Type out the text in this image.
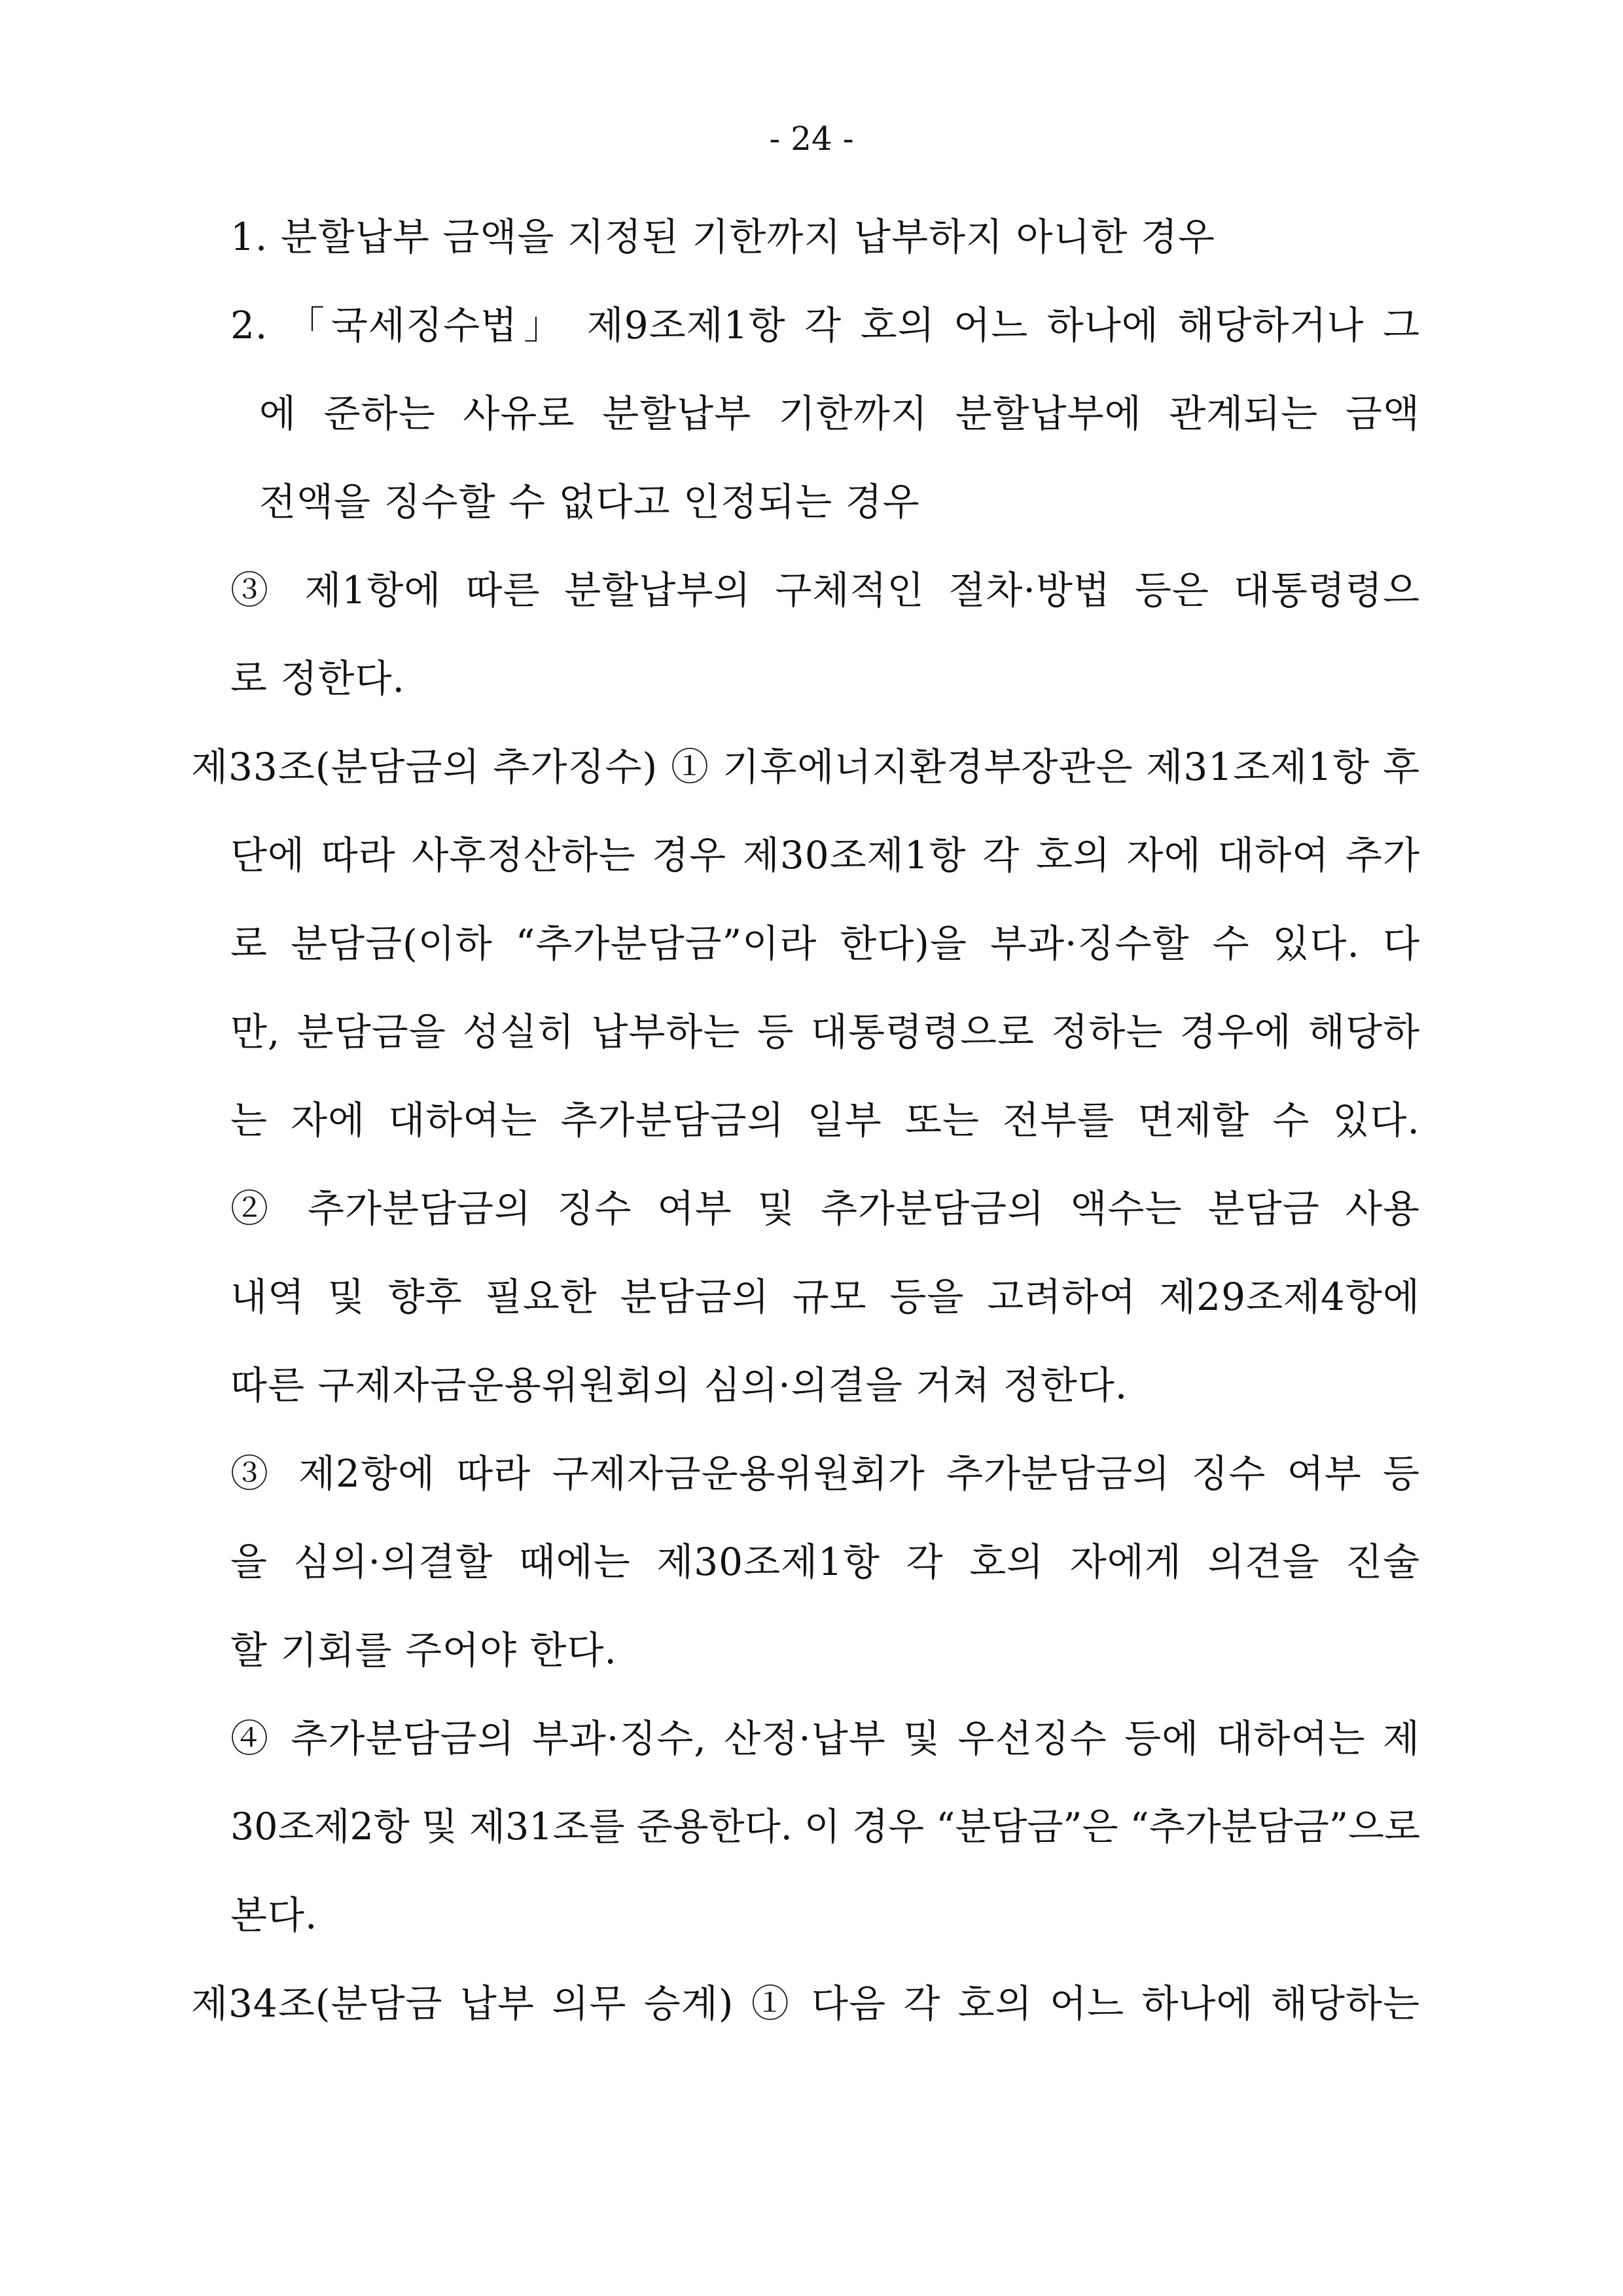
- 24 -
1. 분할납부 금액을 지정된 기한까지 납부하지 아니한 경우
2. 「국세징수법」 제9조제1항 각 호의 어느 하나에 해당하거나 그
에 준하는 사유로 분할납부 기한까지 분할납부에 관계되는 금액
전액을 징수할 수 없다고 인정되는 경우
③ 제1항에 따른 분할납부의 구체적인 절차·방법 등은 대통령령으
로 정한다.
제33조(분담금의 추가징수) ① 기후에너지환경부장관은 제31조제1항 후
단에 따라 사후정산하는 경우 제30조제1항 각 호의 자에 대하여 추가
로 분담금(이하 “추가분담금”이라 한다)을 부과·징수할 수 있다. 다
만, 분담금을 성실히 납부하는 등 대통령령으로 정하는 경우에 해당하
는 자에 대하여는 추가분담금의 일부 또는 전부를 면제할 수 있다.
② 추가분담금의 징수 여부 및 추가분담금의 액수는 분담금 사용
내역 및 향후 필요한 분담금의 규모 등을 고려하여 제29조제4항에
따른 구제자금운용위원회의 심의·의결을 거쳐 정한다.
③ 제2항에 따라 구제자금운용위원회가 추가분담금의 징수 여부 등
을 심의·의결할 때에는 제30조제1항 각 호의 자에게 의견을 진술
할 기회를 주어야 한다.
④ 추가분담금의 부과·징수, 산정·납부 및 우선징수 등에 대하여는 제
30조제2항 및 제31조를 준용한다. 이 경우 “분담금”은 “추가분담금”으로
본다.
제34조(분담금 납부 의무 승계) ① 다음 각 호의 어느 하나에 해당하는
